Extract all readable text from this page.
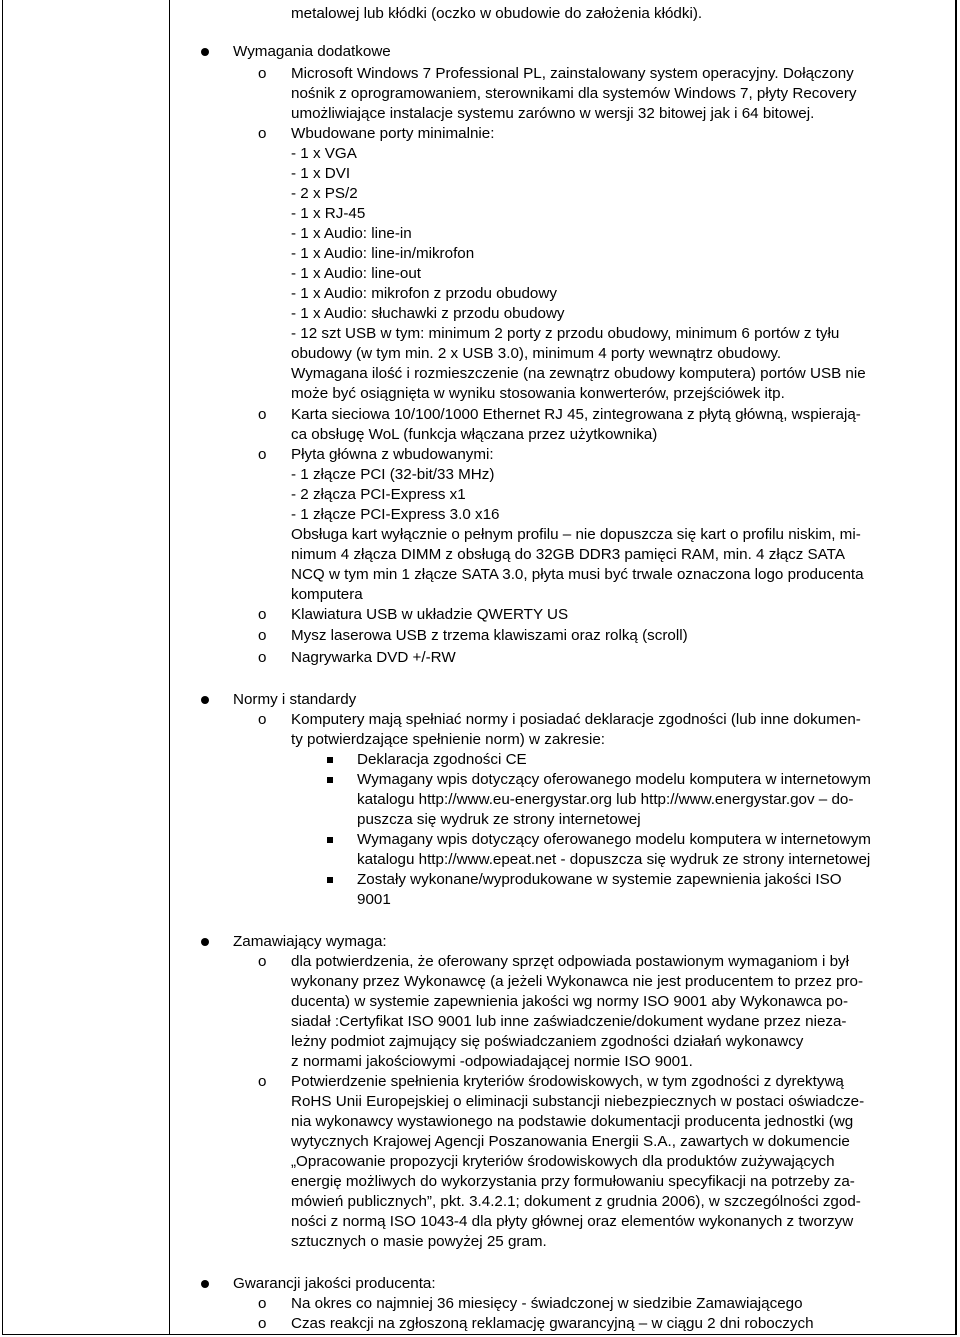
metalowej lub kłódki (oczko w obudowie do założenia kłódki).

Wymagania dodatkowe

o Microsoft Windows 7 Professional PL, zainstalowany system operacyjny. Dołączony

nośnik z oprogramowaniem, sterownikami dla systemów Windows 7, płyty Recovery

umożliwiające instalacje systemu zarówno w wersji 32 bitowej jak i 64 bitowej.

o Wbudowane porty minimalnie:

- 1 x VGA

- 1 x DVI

- 2 x PS/2

- 1 x RJ-45

- 1 x Audio: line-in

- 1 x Audio: line-in/mikrofon

- 1 x Audio: line-out

- 1 x Audio: mikrofon z przodu obudowy

- 1 x Audio: słuchawki z przodu obudowy

- 12 szt USB w tym: minimum 2 porty z przodu obudowy, minimum 6 portów z tyłu

obudowy (w tym min. 2 x USB 3.0), minimum 4 porty wewnątrz obudowy.

Wymagana ilość i rozmieszczenie (na zewnątrz obudowy komputera) portów USB nie

może być osiągnięta w wyniku stosowania konwerterów, przejściówek itp.

o Karta sieciowa 10/100/1000 Ethernet RJ 45, zintegrowana z płytą główną, wspierają-

ca obsługę WoL (funkcja włączana przez użytkownika)

o Płyta główna z wbudowanymi:

- 1 złącze PCI (32-bit/33 MHz)

- 2 złącza PCI-Express x1

- 1 złącze PCI-Express 3.0 x16

Obsługa kart wyłącznie o pełnym profilu – nie dopuszcza się kart o profilu niskim, mi-

nimum 4 złącza DIMM z obsługą do 32GB DDR3 pamięci RAM, min. 4 złącz SATA

NCQ w tym min 1 złącze SATA 3.0, płyta musi być trwale oznaczona logo producenta

komputera

o Klawiatura USB w układzie QWERTY US

o Mysz laserowa USB z trzema klawiszami oraz rolką (scroll)

o Nagrywarka DVD +/-RW

Normy i standardy

o Komputery mają spełniać normy i posiadać deklaracje zgodności (lub inne dokumen-

ty potwierdzające spełnienie norm) w zakresie:

Deklaracja zgodności CE

Wymagany wpis dotyczący oferowanego modelu komputera w internetowym

katalogu http://www.eu-energystar.org lub http://www.energystar.gov – do-

puszcza się wydruk ze strony internetowej

Wymagany wpis dotyczący oferowanego modelu komputera w internetowym

katalogu http://www.epeat.net - dopuszcza się wydruk ze strony internetowej

Zostały wykonane/wyprodukowane w systemie zapewnienia jakości ISO

9001

Zamawiający wymaga:

o dla potwierdzenia, że oferowany sprzęt odpowiada postawionym wymaganiom i był

wykonany przez Wykonawcę (a jeżeli Wykonawca nie jest producentem to przez pro-

ducenta) w systemie zapewnienia jakości wg normy ISO 9001 aby Wykonawca po-

siadał :Certyfikat ISO 9001 lub inne zaświadczenie/dokument wydane przez nieza-

leżny podmiot zajmujący się poświadczaniem zgodności działań wykonawcy

z normami jakościowymi -odpowiadającej normie ISO 9001.

o Potwierdzenie spełnienia kryteriów środowiskowych, w tym zgodności z dyrektywą

RoHS Unii Europejskiej o eliminacji substancji niebezpiecznych w postaci oświadcze-

nia wykonawcy wystawionego na podstawie dokumentacji producenta jednostki (wg

wytycznych Krajowej Agencji Poszanowania Energii S.A., zawartych w dokumencie

„Opracowanie propozycji kryteriów środowiskowych dla produktów zużywających

energię możliwych do wykorzystania przy formułowaniu specyfikacji na potrzeby za-

mówień publicznych”, pkt. 3.4.2.1; dokument z grudnia 2006), w szczególności zgod-

ności z normą ISO 1043-4 dla płyty głównej oraz elementów wykonanych z tworzyw

sztucznych o masie powyżej 25 gram.

Gwarancji jakości producenta:

o Na okres co najmniej 36 miesięcy - świadczonej w siedzibie Zamawiającego

o Czas reakcji na zgłoszoną reklamację gwarancyjną – w ciągu 2 dni roboczych
